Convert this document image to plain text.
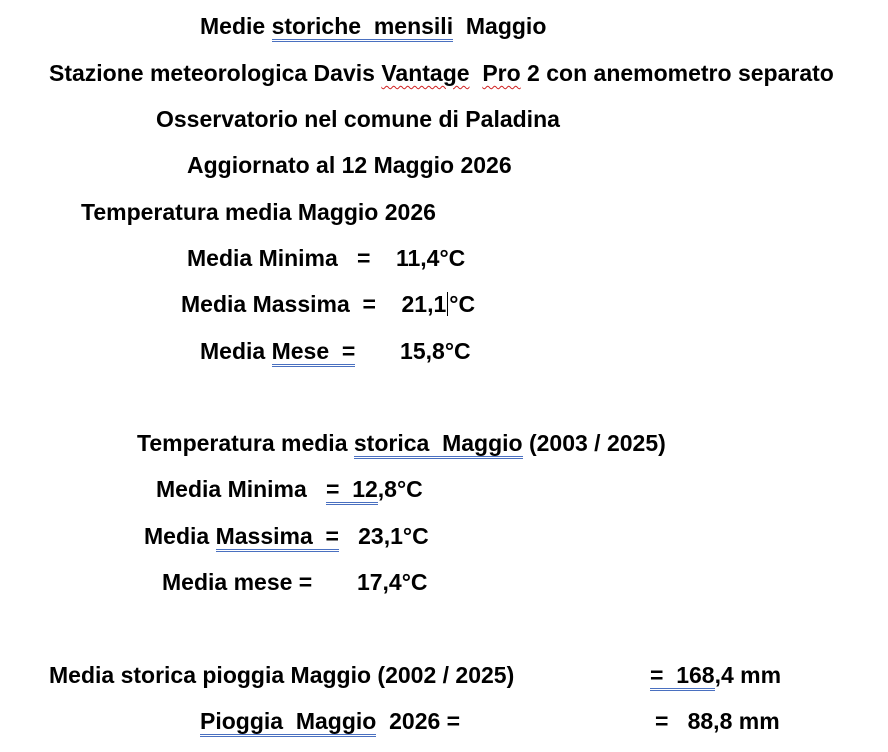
Medie storiche  mensili  Maggio
Stazione meteorologica Davis Vantage Pro 2 con anemometro separato
Osservatorio nel comune di Paladina
Aggiornato al 12 Maggio 2026
Temperatura media Maggio 2026
Media Minima   =    11,4°C
Media Massima  =    21,1 °C
Media Mese  =       15,8°C
Temperatura media storica  Maggio (2003 / 2025)
Media Minima   =  12,8°C
Media Massima  =   23,1°C
Media mese =       17,4°C
Media storica pioggia Maggio (2002 / 2025)	=  168,4 mm
Pioggia  Maggio  2026 =	=   88,8 mm
